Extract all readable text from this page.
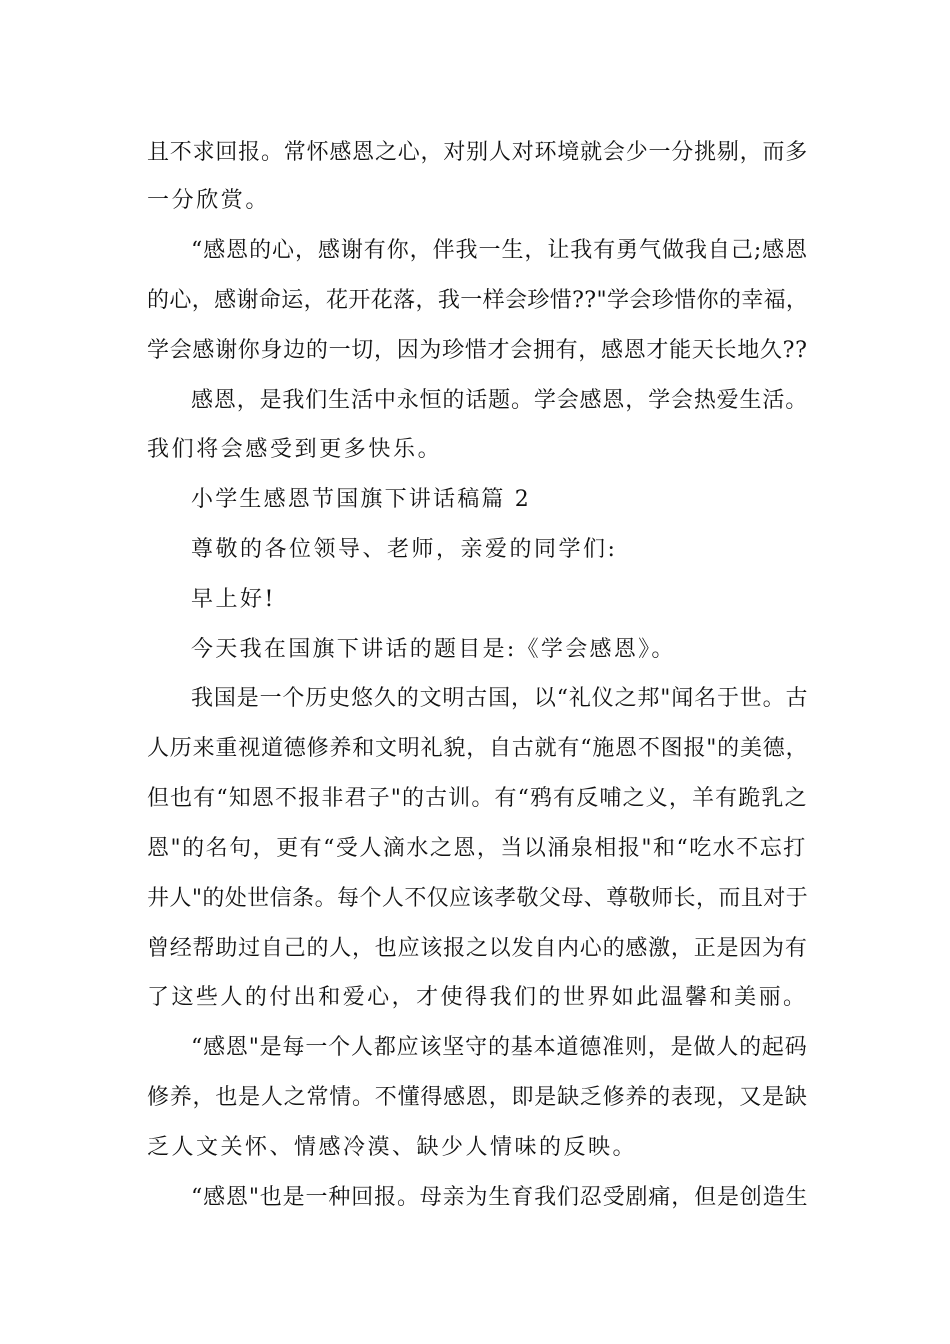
且不求回报。常怀感恩之心，对别人对环境就会少一分挑剔，而多
一分欣赏。
“感恩的心，感谢有你，伴我一生，让我有勇气做我自己;感恩
的心，感谢命运，花开花落，我一样会珍惜??"学会珍惜你的幸福，
学会感谢你身边的一切，因为珍惜才会拥有，感恩才能天长地久??
感恩，是我们生活中永恒的话题。学会感恩，学会热爱生活。
我们将会感受到更多快乐。
小学生感恩节国旗下讲话稿篇 2
尊敬的各位领导、老师，亲爱的同学们:
早上好!
今天我在国旗下讲话的题目是:《学会感恩》。
我国是一个历史悠久的文明古国，以“礼仪之邦"闻名于世。古
人历来重视道德修养和文明礼貌，自古就有“施恩不图报"的美德，
但也有“知恩不报非君子"的古训。有“鸦有反哺之义，羊有跪乳之
恩"的名句，更有“受人滴水之恩，当以涌泉相报"和“吃水不忘打
井人"的处世信条。每个人不仅应该孝敬父母、尊敬师长，而且对于
曾经帮助过自己的人，也应该报之以发自内心的感激，正是因为有
了这些人的付出和爱心，才使得我们的世界如此温馨和美丽。
“感恩"是每一个人都应该坚守的基本道德准则，是做人的起码
修养，也是人之常情。不懂得感恩，即是缺乏修养的表现，又是缺
乏人文关怀、情感冷漠、缺少人情味的反映。
“感恩"也是一种回报。母亲为生育我们忍受剧痛，但是创造生
